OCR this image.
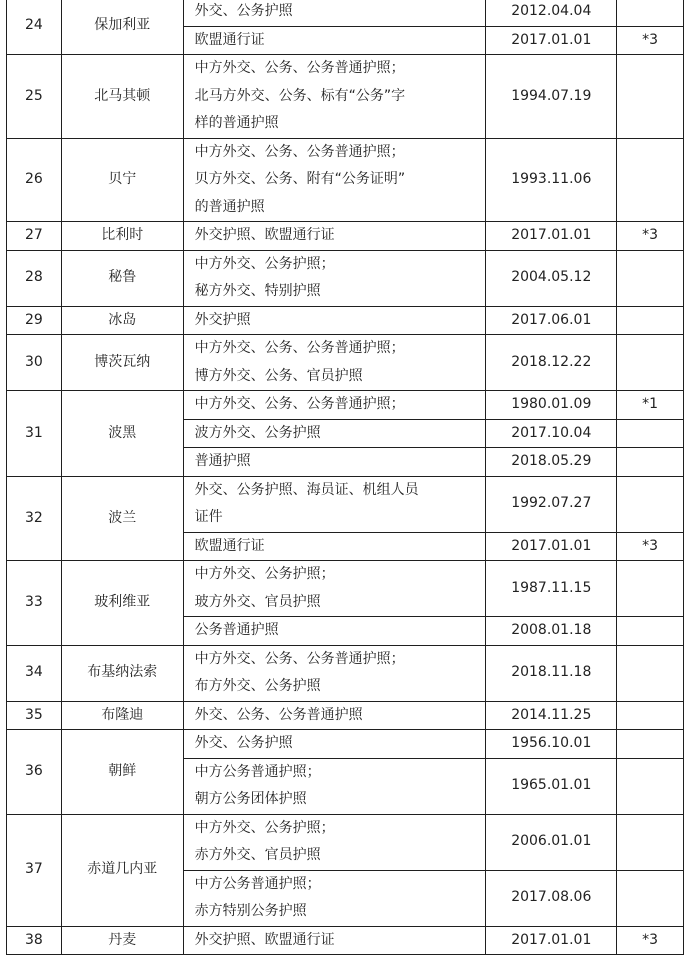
24	保加利亚	外交、公务护照	2012.04.04	

		欧盟通行证	2017.01.01	*3
25	北马其顿	中方外交、公务、公务普通护照；
北马方外交、公务、标有“公务”字
样的普通护照	1994.07.19	
26	贝宁	中方外交、公务、公务普通护照；
贝方外交、公务、附有“公务证明”
的普通护照	1993.11.06	
27	比利时	外交护照、欧盟通行证	2017.01.01	*3
28	秘鲁	中方外交、公务护照；
秘方外交、特别护照	2004.05.12	
29	冰岛	外交护照	2017.06.01	
30	博茨瓦纳	中方外交、公务、公务普通护照；
博方外交、公务、官员护照	2018.12.22	
31	波黑	中方外交、公务、公务普通护照；	1980.01.09	*1

		波方外交、公务护照	2017.10.04	

		普通护照	2018.05.29	
32	波兰	外交、公务护照、海员证、机组人员
证件	1992.07.27	

		欧盟通行证	2017.01.01	*3
33	玻利维亚	中方外交、公务护照；
玻方外交、官员护照	1987.11.15	

		公务普通护照	2008.01.18	
34	布基纳法索	中方外交、公务、公务普通护照；
布方外交、公务护照	2018.11.18	
35	布隆迪	外交、公务、公务普通护照	2014.11.25	
36	朝鲜	外交、公务护照	1956.10.01	

		中方公务普通护照；
朝方公务团体护照	1965.01.01	
37	赤道几内亚	中方外交、公务护照；
赤方外交、官员护照	2006.01.01	

		中方公务普通护照；
赤方特别公务护照	2017.08.06	
38	丹麦	外交护照、欧盟通行证	2017.01.01	*3
